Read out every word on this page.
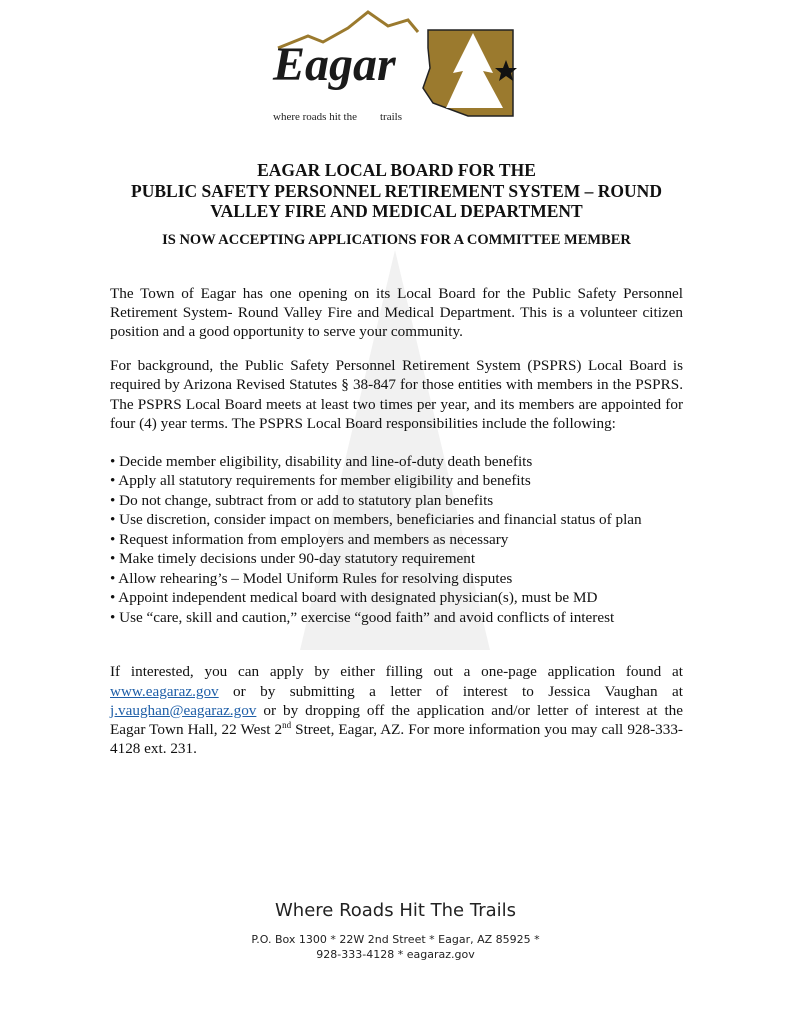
Eagar
where roads hit the trails
EAGAR LOCAL BOARD FOR THE
PUBLIC SAFETY PERSONNEL RETIREMENT SYSTEM – ROUND
VALLEY FIRE AND MEDICAL DEPARTMENT
IS NOW ACCEPTING APPLICATIONS FOR A COMMITTEE MEMBER

The Town of Eagar has one opening on its Local Board for the Public Safety Personnel Retirement System- Round Valley Fire and Medical Department. This is a volunteer citizen position and a good opportunity to serve your community.

For background, the Public Safety Personnel Retirement System (PSPRS) Local Board is required by Arizona Revised Statutes § 38-847 for those entities with members in the PSPRS. The PSPRS Local Board meets at least two times per year, and its members are appointed for four (4) year terms. The PSPRS Local Board responsibilities include the following:

• Decide member eligibility, disability and line-of-duty death benefits
• Apply all statutory requirements for member eligibility and benefits
• Do not change, subtract from or add to statutory plan benefits
• Use discretion, consider impact on members, beneficiaries and financial status of plan
• Request information from employers and members as necessary
• Make timely decisions under 90-day statutory requirement
• Allow rehearing’s – Model Uniform Rules for resolving disputes
• Appoint independent medical board with designated physician(s), must be MD
• Use “care, skill and caution,” exercise “good faith” and avoid conflicts of interest

If interested, you can apply by either filling out a one-page application found at
www.eagaraz.gov or by submitting a letter of interest to Jessica Vaughan at j.vaughan@eagaraz.gov or by dropping off the application and/or letter of interest at the Eagar Town Hall, 22 West 2nd Street, Eagar, AZ. For more information you may call 928-333-4128 ext. 231.

Where Roads Hit The Trails
P.O. Box 1300 * 22W 2nd Street * Eagar, AZ 85925 *
928-333-4128 * eagaraz.gov
